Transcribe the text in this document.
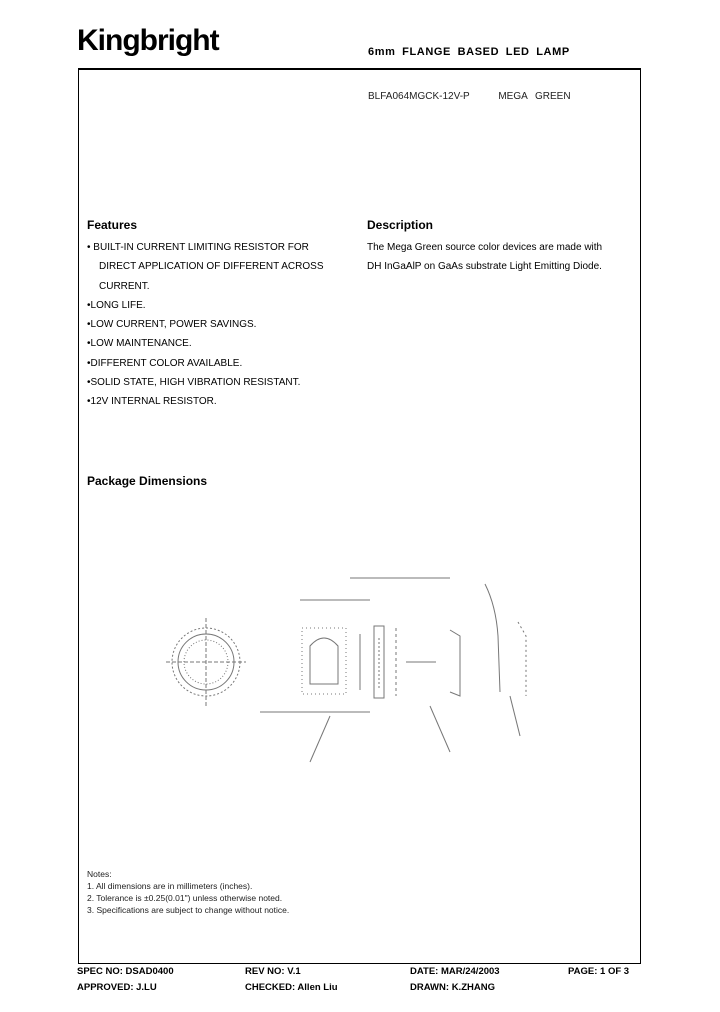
Kingbright	6mm FLANGE BASED LED LAMP
BLFA064MGCK-12V-P	MEGA GREEN
Features
• BUILT-IN CURRENT LIMITING RESISTOR FOR
DIRECT APPLICATION OF DIFFERENT ACROSS
CURRENT.
• LONG LIFE.
• LOW CURRENT, POWER SAVINGS.
• LOW MAINTENANCE.
• DIFFERENT COLOR AVAILABLE.
• SOLID STATE, HIGH VIBRATION RESISTANT.
• 12V INTERNAL RESISTOR.
Description

The Mega Green source color devices are made with
DH InGaAlP on GaAs substrate Light Emitting Diode.

Package Dimensions
Notes:
1. All dimensions are in millimeters (inches).
2. Tolerance is ±0.25(0.01") unless otherwise noted.
3. Specifications are subject to change without notice.
SPEC NO: DSAD0400	REV NO: V.1	DATE: MAR/24/2003	PAGE: 1 OF 3
APPROVED: J.LU	CHECKED: Allen Liu	DRAWN: K.ZHANG
